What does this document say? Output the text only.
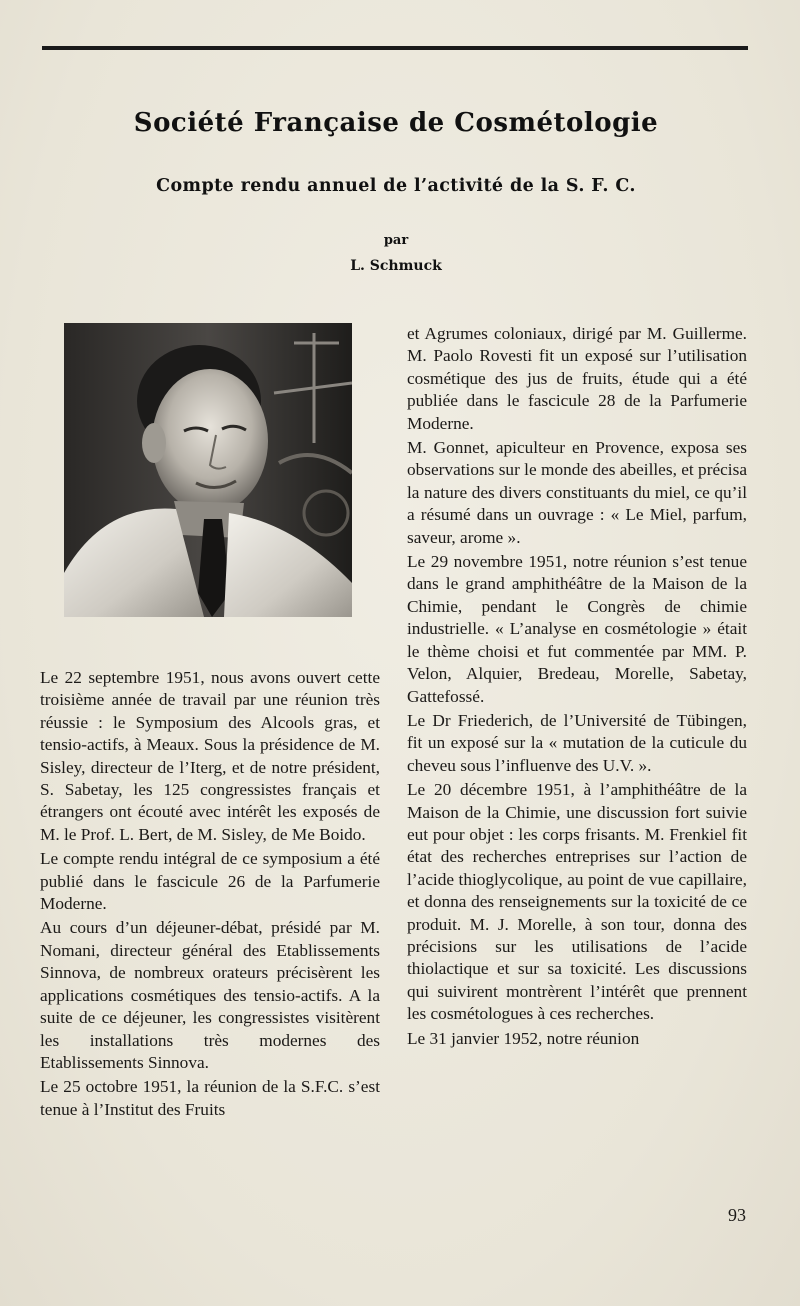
Société Française de Cosmétologie
Compte rendu annuel de l’activité de la S. F. C.
par
L. Schmuck

Le 22 septembre 1951, nous avons ouvert cette troisième année de travail par une réunion très réussie : le Symposium des Alcools gras, et tensio-actifs, à Meaux. Sous la présidence de M. Sisley, directeur de l’Iterg, et de notre président, S. Sabetay, les 125 congressistes français et étrangers ont écouté avec intérêt les exposés de M. le Prof. L. Bert, de M. Sisley, de Me Boido.

Le compte rendu intégral de ce symposium a été publié dans le fascicule 26 de la Parfumerie Moderne.

Au cours d’un déjeuner-débat, présidé par M. Nomani, directeur général des Etablissements Sinnova, de nombreux orateurs précisèrent les applications cosmétiques des tensio-actifs. A la suite de ce déjeuner, les congressistes visitèrent les installations très modernes des Etablissements Sinnova.

Le 25 octobre 1951, la réunion de la S.F.C. s’est tenue à l’Institut des Fruits

et Agrumes coloniaux, dirigé par M. Guillerme. M. Paolo Rovesti fit un exposé sur l’utilisation cosmétique des jus de fruits, étude qui a été publiée dans le fascicule 28 de la Parfumerie Moderne.

M. Gonnet, apiculteur en Provence, exposa ses observations sur le monde des abeilles, et précisa la nature des divers constituants du miel, ce qu’il a résumé dans un ouvrage : « Le Miel, parfum, saveur, arome ».

Le 29 novembre 1951, notre réunion s’est tenue dans le grand amphithéâtre de la Maison de la Chimie, pendant le Congrès de chimie industrielle. « L’analyse en cosmétologie » était le thème choisi et fut commentée par MM. P. Velon, Alquier, Bredeau, Morelle, Sabetay, Gattefossé.

Le Dr Friederich, de l’Université de Tübingen, fit un exposé sur la « mutation de la cuticule du cheveu sous l’influenve des U.V. ».

Le 20 décembre 1951, à l’amphithéâtre de la Maison de la Chimie, une discussion fort suivie eut pour objet : les corps frisants. M. Frenkiel fit état des recherches entreprises sur l’action de l’acide thioglycolique, au point de vue capillaire, et donna des renseignements sur la toxicité de ce produit. M. J. Morelle, à son tour, donna des précisions sur les utilisations de l’acide thiolactique et sur sa toxicité. Les discussions qui suivirent montrèrent l’intérêt que prennent les cosmétologues à ces recherches.

Le 31 janvier 1952, notre réunion

93
